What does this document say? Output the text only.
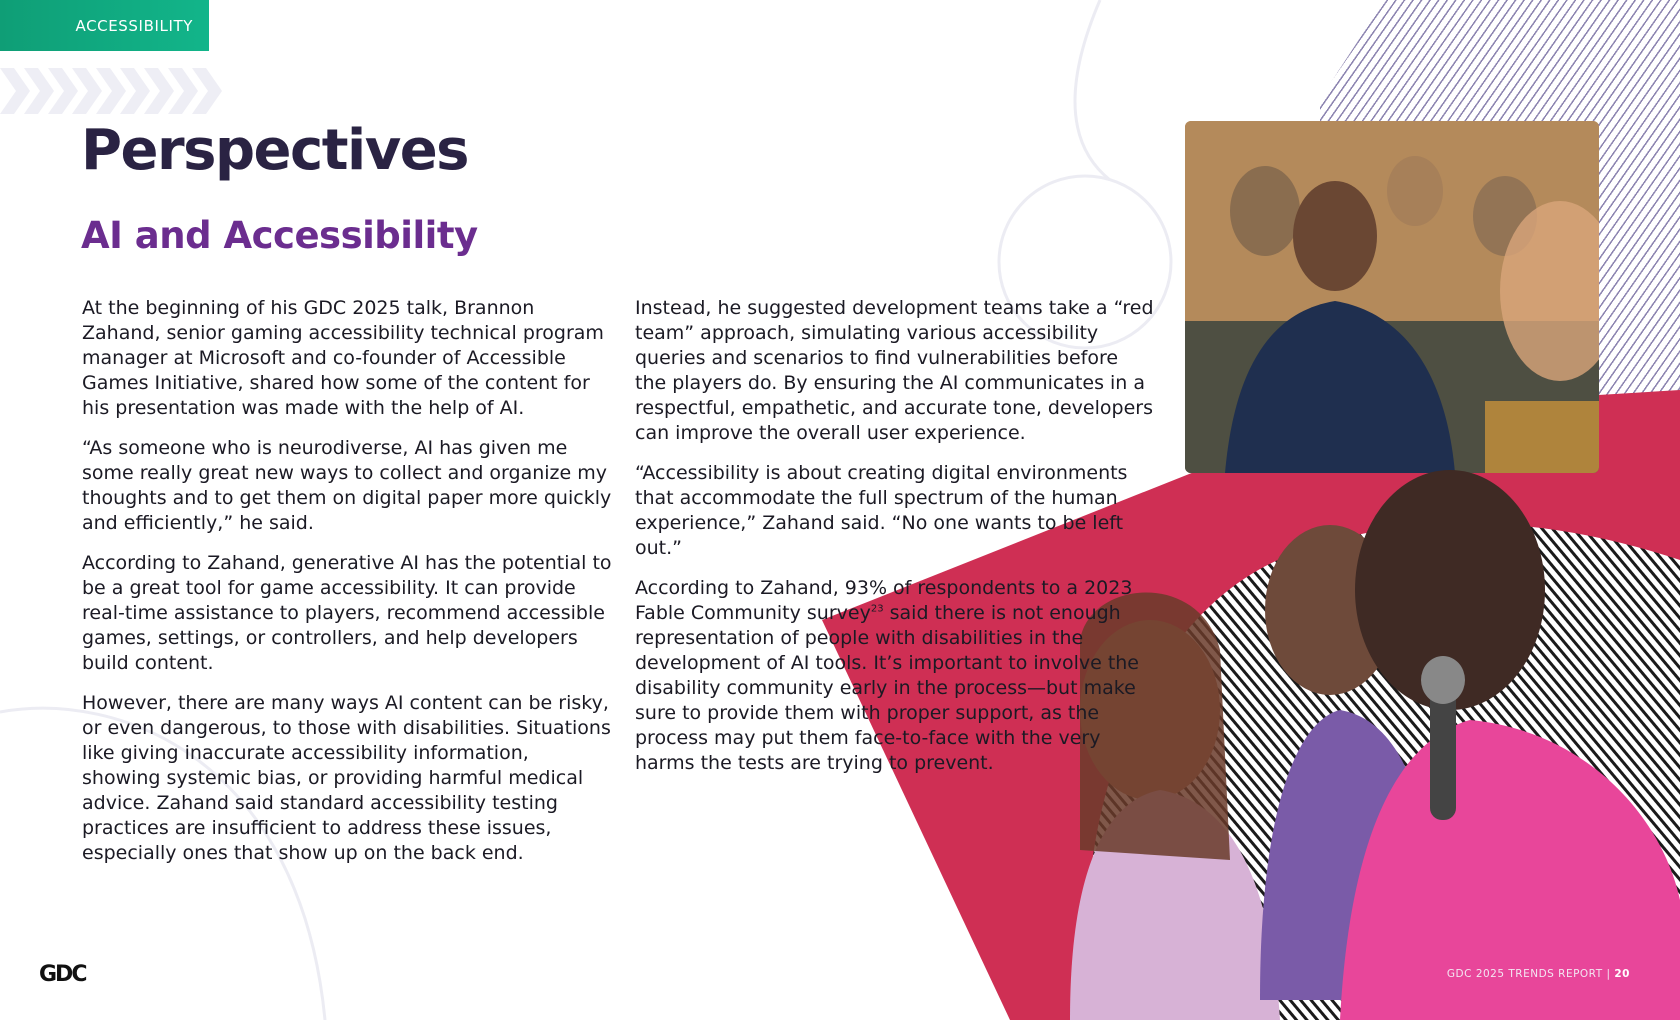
ACCESSIBILITY
Perspectives
AI and Accessibility

At the beginning of his GDC 2025 talk, Brannon Zahand, senior gaming accessibility technical program manager at Microsoft and co-founder of Accessible Games Initiative, shared how some of the content for his presentation was made with the help of AI.

“As someone who is neurodiverse, AI has given me some really great new ways to collect and organize my thoughts and to get them on digital paper more quickly and efficiently,” he said.

According to Zahand, generative AI has the potential to be a great tool for game accessibility. It can provide real-time assistance to players, recommend accessible games, settings, or controllers, and help developers build content.

However, there are many ways AI content can be risky, or even dangerous, to those with disabilities. Situations like giving inaccurate accessibility information, showing systemic bias, or providing harmful medical advice. Zahand said standard accessibility testing practices are insufficient to address these issues, especially ones that show up on the back end.

Instead, he suggested development teams take a “red team” approach, simulating various accessibility queries and scenarios to find vulnerabilities before the players do. By ensuring the AI communicates in a respectful, empathetic, and accurate tone, developers can improve the overall user experience.

“Accessibility is about creating digital environments that accommodate the full spectrum of the human experience,” Zahand said. “No one wants to be left out.”

According to Zahand, 93% of respondents to a 2023 Fable Community survey$^{23}$ said there is not enough representation of people with disabilities in the development of AI tools. It’s important to involve the disability community early in the process—but make sure to provide them with proper support, as the process may put them face-to-face with the very harms the tests are trying to prevent.

GDC	GDC 2025 TRENDS REPORT | 20
